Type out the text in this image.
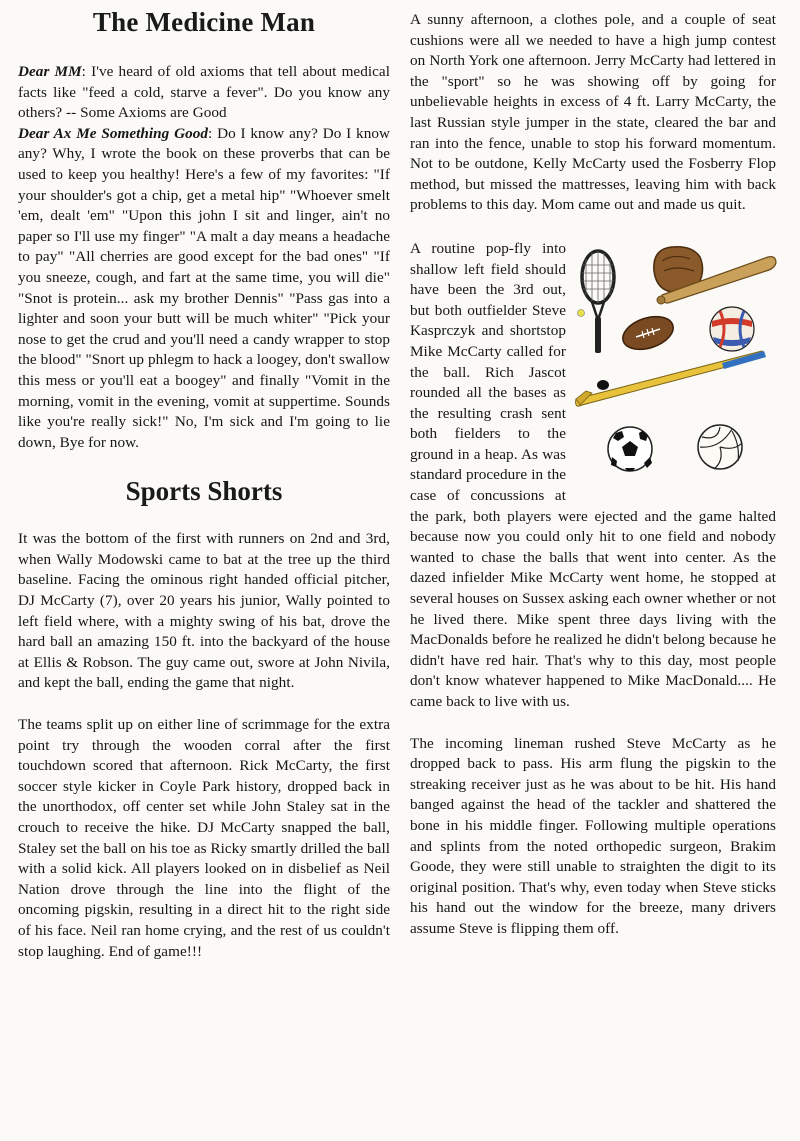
The Medicine Man

Dear MM: I've heard of old axioms that tell about medical facts like "feed a cold, starve a fever". Do you know any others? -- Some Axioms are Good
Dear Ax Me Something Good: Do I know any? Do I know any? Why, I wrote the book on these proverbs that can be used to keep you healthy! Here's a few of my favorites: "If your shoulder's got a chip, get a metal hip" "Whoever smelt 'em, dealt 'em" "Upon this john I sit and linger, ain't no paper so I'll use my finger" "A malt a day means a headache to pay" "All cherries are good except for the bad ones" "If you sneeze, cough, and fart at the same time, you will die" "Snot is protein... ask my brother Dennis" "Pass gas into a lighter and soon your butt will be much whiter" "Pick your nose to get the crud and you'll need a candy wrapper to stop the blood" "Snort up phlegm to hack a loogey, don't swallow this mess or you'll eat a boogey" and finally "Vomit in the morning, vomit in the evening, vomit at suppertime. Sounds like you're really sick!" No, I'm sick and I'm going to lie down, Bye for now.

Sports Shorts

It was the bottom of the first with runners on 2nd and 3rd, when Wally Modowski came to bat at the tree up the third baseline. Facing the ominous right handed official pitcher, DJ McCarty (7), over 20 years his junior, Wally pointed to left field where, with a mighty swing of his bat, drove the hard ball an amazing 150 ft. into the backyard of the house at Ellis & Robson. The guy came out, swore at John Nivila, and kept the ball, ending the game that night.

The teams split up on either line of scrimmage for the extra point try through the wooden corral after the first touchdown scored that afternoon. Rick McCarty, the first soccer style kicker in Coyle Park history, dropped back in the unorthodox, off center set while John Staley sat in the crouch to receive the hike. DJ McCarty snapped the ball, Staley set the ball on his toe as Ricky smartly drilled the ball with a solid kick. All players looked on in disbelief as Neil Nation drove through the line into the flight of the oncoming pigskin, resulting in a direct hit to the right side of his face. Neil ran home crying, and the rest of us couldn't stop laughing. End of game!!!

A sunny afternoon, a clothes pole, and a couple of seat cushions were all we needed to have a high jump contest on North York one afternoon. Jerry McCarty had lettered in the "sport" so he was showing off by going for unbelievable heights in excess of 4 ft. Larry McCarty, the last Russian style jumper in the state, cleared the bar and ran into the fence, unable to stop his forward momentum. Not to be outdone, Kelly McCarty used the Fosberry Flop method, but missed the mattresses, leaving him with back problems to this day. Mom came out and made us quit.

A routine pop-fly into shallow left field should have been the 3rd out, but both outfielder Steve Kasprczyk and shortstop Mike McCarty called for the ball. Rich Jascot rounded all the bases as the resulting crash sent both fielders to the ground in a heap. As was standard procedure in the case of concussions at the park, both players were ejected and the game halted because now you could only hit to one field and nobody wanted to chase the balls that went into center. As the dazed infielder Mike McCarty went home, he stopped at several houses on Sussex asking each owner whether or not he lived there. Mike spent three days living with the MacDonalds before he realized he didn't belong because he didn't have red hair. That's why to this day, most people don't know whatever happened to Mike MacDonald.... He came back to live with us.

The incoming lineman rushed Steve McCarty as he dropped back to pass. His arm flung the pigskin to the streaking receiver just as he was about to be hit. His hand banged against the head of the tackler and shattered the bone in his middle finger. Following multiple operations and splints from the noted orthopedic surgeon, Brakim Goode, they were still unable to straighten the digit to its original position. That's why, even today when Steve sticks his hand out the window for the breeze, many drivers assume Steve is flipping them off.
